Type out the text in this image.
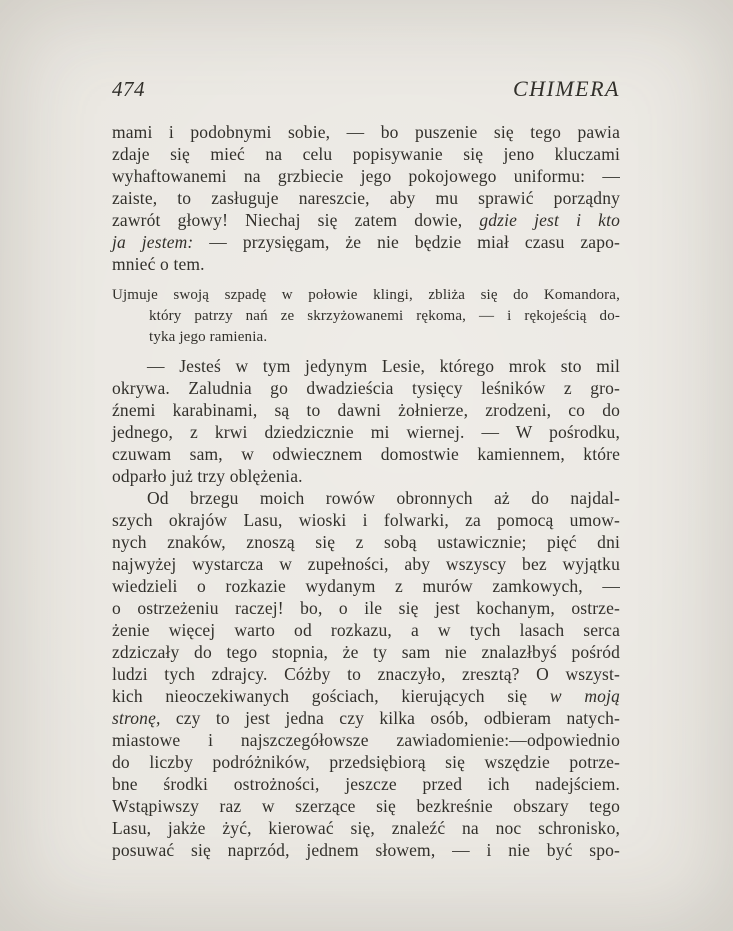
474	CHIMERA
mami i podobnymi sobie, — bo puszenie się tego pawia
zdaje się mieć na celu popisywanie się jeno kluczami
wyhaftowanemi na grzbiecie jego pokojowego uniformu: —
zaiste, to zasługuje nareszcie, aby mu sprawić porządny
zawrót głowy! Niechaj się zatem dowie, gdzie jest i kto
ja jestem: — przysięgam, że nie będzie miał czasu zapo-
mnieć o tem.
Ujmuje swoją szpadę w połowie klingi, zbliża się do Komandora,
który patrzy nań ze skrzyżowanemi rękoma, — i rękojeścią do-
tyka jego ramienia.
— Jesteś w tym jedynym Lesie, którego mrok sto mil
okrywa. Zaludnia go dwadzieścia tysięcy leśników z gro-
źnemi karabinami, są to dawni żołnierze, zrodzeni, co do
jednego, z krwi dziedzicznie mi wiernej. — W pośrodku,
czuwam sam, w odwiecznem domostwie kamiennem, które
odparło już trzy oblężenia.
Od brzegu moich rowów obronnych aż do najdal-
szych okrajów Lasu, wioski i folwarki, za pomocą umow-
nych znaków, znoszą się z sobą ustawicznie; pięć dni
najwyżej wystarcza w zupełności, aby wszyscy bez wyjątku
wiedzieli o rozkazie wydanym z murów zamkowych, —
o ostrzeżeniu raczej! bo, o ile się jest kochanym, ostrze-
żenie więcej warto od rozkazu, a w tych lasach serca
zdziczały do tego stopnia, że ty sam nie znalazłbyś pośród
ludzi tych zdrajcy. Cóżby to znaczyło, zresztą? O wszyst-
kich nieoczekiwanych gościach, kierujących się w moją
stronę, czy to jest jedna czy kilka osób, odbieram natych-
miastowe i najszczegółowsze zawiadomienie:—odpowiednio
do liczby podróżników, przedsiębiorą się wszędzie potrze-
bne środki ostrożności, jeszcze przed ich nadejściem.
Wstąpiwszy raz w szerzące się bezkreśnie obszary tego
Lasu, jakże żyć, kierować się, znaleźć na noc schronisko,
posuwać się naprzód, jednem słowem, — i nie być spo-
